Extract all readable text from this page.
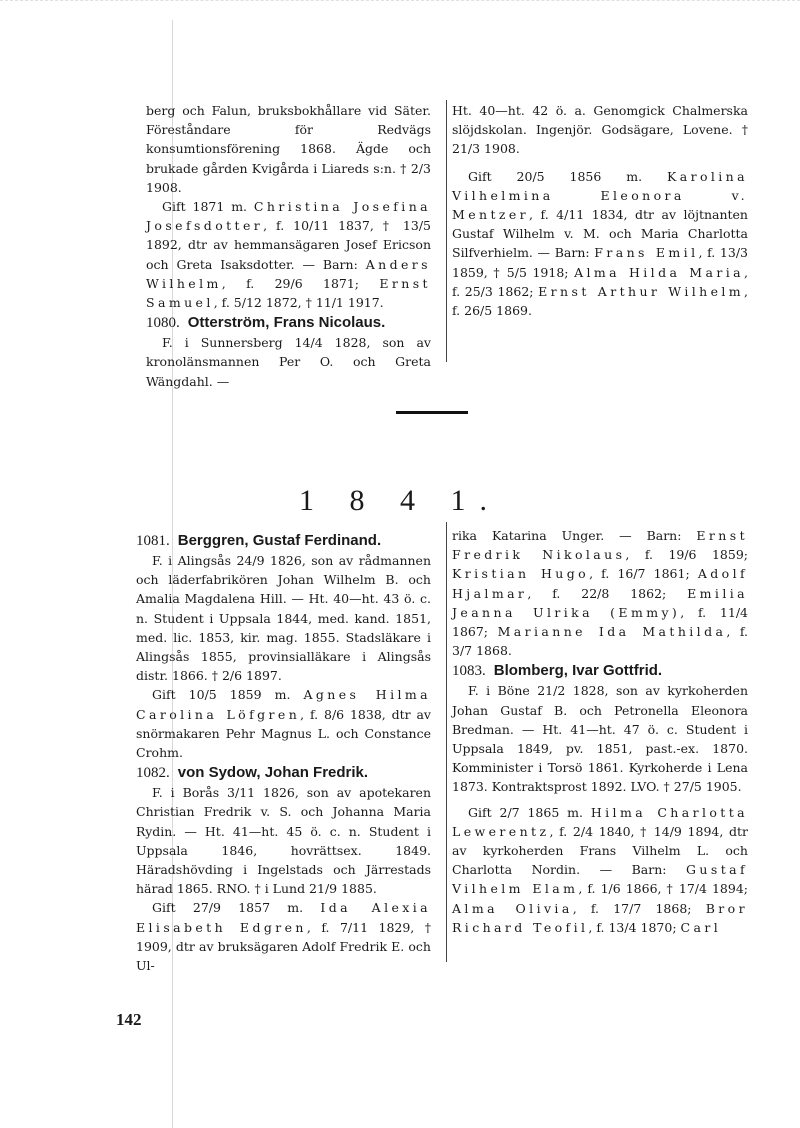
berg och Falun, bruksbokhållare vid Säter. Föreståndare för Redvägs konsumtionsförening 1868. Ägde och brukade gården Kvigårda i Liareds s:n. † 2/3 1908.

Gift 1871 m. Christina Josefina Josefsdotter, f. 10/11 1837, † 13/5 1892, dtr av hemmansägaren Josef Ericson och Greta Isaksdotter. — Barn: Anders Wilhelm, f. 29/6 1871; Ernst Samuel, f. 5/12 1872, † 11/1 1917.

1080. Otterström, Frans Nicolaus.

F. i Sunnersberg 14/4 1828, son av kronolänsmannen Per O. och Greta Wängdahl. —

Ht. 40—ht. 42 ö. a. Genomgick Chalmerska slöjdskolan. Ingenjör. Godsägare, Lovene. † 21/3 1908.

Gift 20/5 1856 m. Karolina Vilhelmina Eleonora v. Mentzer, f. 4/11 1834, dtr av löjtnanten Gustaf Wilhelm v. M. och Maria Charlotta Silfverhielm. — Barn: Frans Emil, f. 13/3 1859, † 5/5 1918; Alma Hilda Maria, f. 25/3 1862; Ernst Arthur Wilhelm, f. 26/5 1869.

1 8 4 1.

1081. Berggren, Gustaf Ferdinand.

F. i Alingsås 24/9 1826, son av rådmannen och läderfabrikören Johan Wilhelm B. och Amalia Magdalena Hill. — Ht. 40—ht. 43 ö. c. n. Student i Uppsala 1844, med. kand. 1851, med. lic. 1853, kir. mag. 1855. Stadsläkare i Alingsås 1855, provinsialläkare i Alingsås distr. 1866. † 2/6 1897.

Gift 10/5 1859 m. Agnes Hilma Carolina Löfgren, f. 8/6 1838, dtr av snörmakaren Pehr Magnus L. och Constance Crohm.

1082. von Sydow, Johan Fredrik.

F. i Borås 3/11 1826, son av apotekaren Christian Fredrik v. S. och Johanna Maria Rydin. — Ht. 41—ht. 45 ö. c. n. Student i Uppsala 1846, hovrättsex. 1849. Häradshövding i Ingelstads och Järrestads härad 1865. RNO. † i Lund 21/9 1885.

Gift 27/9 1857 m. Ida Alexia Elisabeth Edgren, f. 7/11 1829, † 1909, dtr av bruksägaren Adolf Fredrik E. och Ul-

rika Katarina Unger. — Barn: Ernst Fredrik Nikolaus, f. 19/6 1859; Kristian Hugo, f. 16/7 1861; Adolf Hjalmar, f. 22/8 1862; Emilia Jeanna Ulrika (Emmy), f. 11/4 1867; Marianne Ida Mathilda, f. 3/7 1868.

1083. Blomberg, Ivar Gottfrid.

F. i Böne 21/2 1828, son av kyrkoherden Johan Gustaf B. och Petronella Eleonora Bredman. — Ht. 41—ht. 47 ö. c. Student i Uppsala 1849, pv. 1851, past.-ex. 1870. Komminister i Torsö 1861. Kyrkoherde i Lena 1873. Kontraktsprost 1892. LVO. † 27/5 1905.

Gift 2/7 1865 m. Hilma Charlotta Lewerentz, f. 2/4 1840, † 14/9 1894, dtr av kyrkoherden Frans Vilhelm L. och Charlotta Nordin. — Barn: Gustaf Vilhelm Elam, f. 1/6 1866, † 17/4 1894; Alma Olivia, f. 17/7 1868; Bror Richard Teofil, f. 13/4 1870; Carl

142
